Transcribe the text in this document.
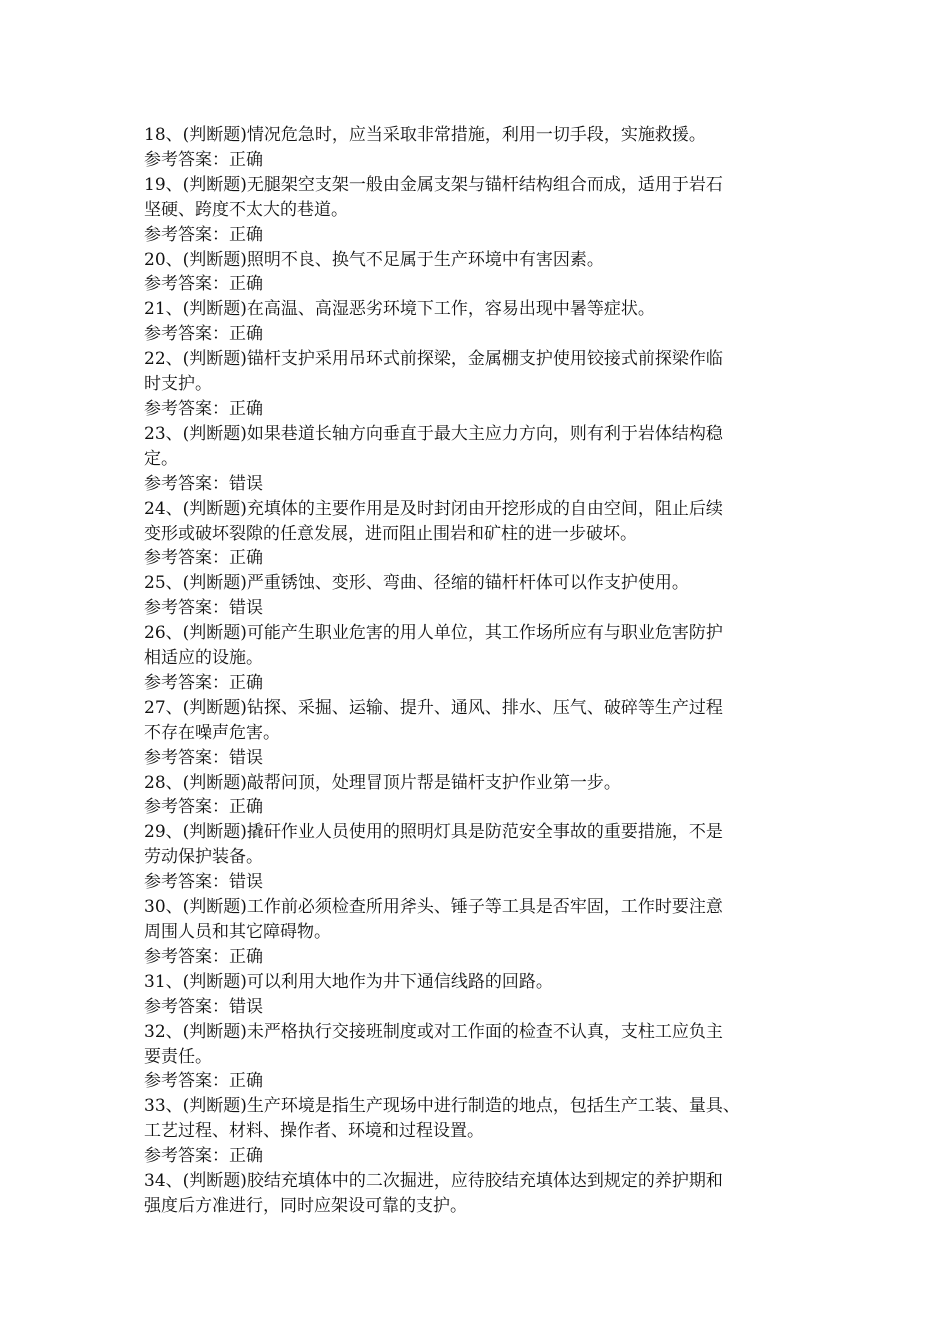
18、(判断题)情况危急时，应当采取非常措施，利用一切手段，实施救援。
参考答案：正确
19、(判断题)无腿架空支架一般由金属支架与锚杆结构组合而成，适用于岩石
坚硬、跨度不太大的巷道。
参考答案：正确
20、(判断题)照明不良、换气不足属于生产环境中有害因素。
参考答案：正确
21、(判断题)在高温、高湿恶劣环境下工作，容易出现中暑等症状。
参考答案：正确
22、(判断题)锚杆支护采用吊环式前探梁，金属棚支护使用铰接式前探梁作临
时支护。
参考答案：正确
23、(判断题)如果巷道长轴方向垂直于最大主应力方向，则有利于岩体结构稳
定。
参考答案：错误
24、(判断题)充填体的主要作用是及时封闭由开挖形成的自由空间，阻止后续
变形或破坏裂隙的任意发展，进而阻止围岩和矿柱的进一步破坏。
参考答案：正确
25、(判断题)严重锈蚀、变形、弯曲、径缩的锚杆杆体可以作支护使用。
参考答案：错误
26、(判断题)可能产生职业危害的用人单位，其工作场所应有与职业危害防护
相适应的设施。
参考答案：正确
27、(判断题)钻探、采掘、运输、提升、通风、排水、压气、破碎等生产过程
不存在噪声危害。
参考答案：错误
28、(判断题)敲帮问顶，处理冒顶片帮是锚杆支护作业第一步。
参考答案：正确
29、(判断题)撬矸作业人员使用的照明灯具是防范安全事故的重要措施，不是
劳动保护装备。
参考答案：错误
30、(判断题)工作前必须检查所用斧头、锤子等工具是否牢固，工作时要注意
周围人员和其它障碍物。
参考答案：正确
31、(判断题)可以利用大地作为井下通信线路的回路。
参考答案：错误
32、(判断题)未严格执行交接班制度或对工作面的检查不认真，支柱工应负主
要责任。
参考答案：正确
33、(判断题)生产环境是指生产现场中进行制造的地点，包括生产工装、量具、
工艺过程、材料、操作者、环境和过程设置。
参考答案：正确
34、(判断题)胶结充填体中的二次掘进，应待胶结充填体达到规定的养护期和
强度后方准进行，同时应架设可靠的支护。
